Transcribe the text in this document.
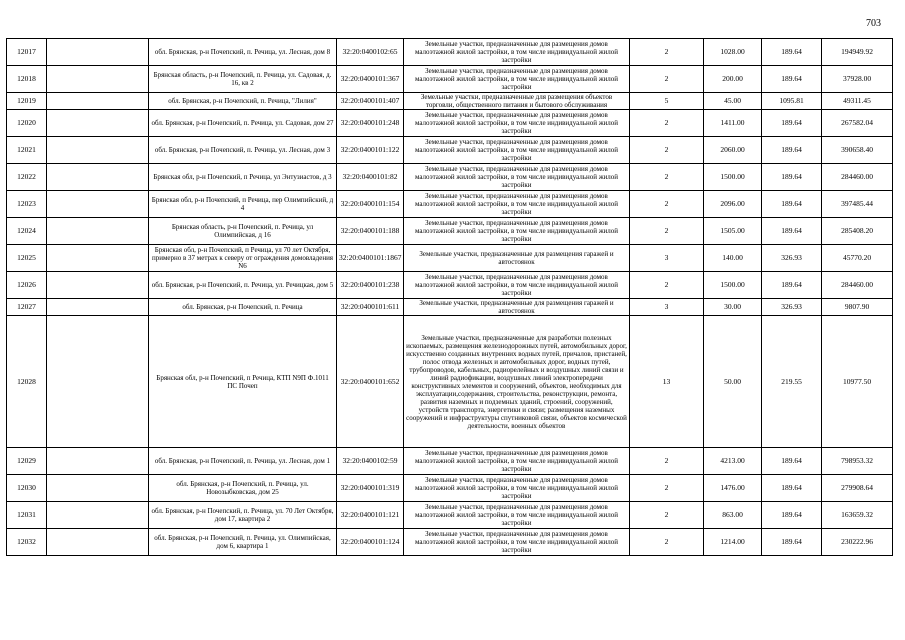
703
12017		обл. Брянская, р-н Почепский, п. Речица, ул. Лесная, дом 8	32:20:0400102:65	Земельные участки, предназначенные для размещения домов малоэтажной жилой застройки, в том числе индивидуальной жилой застройки	2	1028.00	189.64	194949.92
12018		Брянская область, р-н Почепский, п. Речица, ул. Садовая, д. 16, кв 2	32:20:0400101:367	Земельные участки, предназначенные для размещения домов малоэтажной жилой застройки, в том числе индивидуальной жилой застройки	2	200.00	189.64	37928.00
12019		обл. Брянская, р-н Почепский, п. Речица, "Лилия"	32:20:0400101:407	Земельные участки, предназначенные для размещения объектов торговли, общественного питания и бытового обслуживания	5	45.00	1095.81	49311.45
12020		обл. Брянская, р-н Почепский, п. Речица, ул. Садовая, дом 27	32:20:0400101:248	Земельные участки, предназначенные для размещения домов малоэтажной жилой застройки, в том числе индивидуальной жилой застройки	2	1411.00	189.64	267582.04
12021		обл. Брянская, р-н Почепский, п. Речица, ул. Лесная, дом 3	32:20:0400101:122	Земельные участки, предназначенные для размещения домов малоэтажной жилой застройки, в том числе индивидуальной жилой застройки	2	2060.00	189.64	390658.40
12022		Брянская обл, р-н Почепский, п Речица, ул Энтузиастов, д 3	32:20:0400101:82	Земельные участки, предназначенные для размещения домов малоэтажной жилой застройки, в том числе индивидуальной жилой застройки	2	1500.00	189.64	284460.00
12023		Брянская обл, р-н Почепский, п Речица, пер Олимпийский, д 4	32:20:0400101:154	Земельные участки, предназначенные для размещения домов малоэтажной жилой застройки, в том числе индивидуальной жилой застройки	2	2096.00	189.64	397485.44
12024		Брянская область, р-н Почепский, п. Речица, ул Олимпийская, д 16	32:20:0400101:188	Земельные участки, предназначенные для размещения домов малоэтажной жилой застройки, в том числе индивидуальной жилой застройки	2	1505.00	189.64	285408.20
12025		Брянская обл, р-н Почепский, п Речица, ул 70 лет Октября, примерно в 37 метрах к северу от ограждения домовладения N6	32:20:0400101:1867	Земельные участки, предназначенные для размещения гаражей и автостоянок	3	140.00	326.93	45770.20
12026		обл. Брянская, р-н Почепский, п. Речица, ул. Речицкая, дом 5	32:20:0400101:238	Земельные участки, предназначенные для размещения домов малоэтажной жилой застройки, в том числе индивидуальной жилой застройки	2	1500.00	189.64	284460.00
12027		обл. Брянская, р-н Почепский, п. Речица	32:20:0400101:611	Земельные участки, предназначенные для размещения гаражей и автостоянок	3	30.00	326.93	9807.90
12028		Брянская обл, р-н Почепский, п Речица, КТП N9П Ф.1011 ПС Почеп	32:20:0400101:652	Земельные участки, предназначенные для разработки полезных ископаемых, размещения железнодорожных путей, автомобильных дорог, искусственно созданных внутренних водных путей, причалов, пристаней, полос отвода железных и автомобильных дорог, водных путей, трубопроводов, кабельных, радиорелейных и воздушных линий связи и линий радиофикации, воздушных линий электропередачи конструктивных элементов и сооружений, объектов, необходимых для эксплуатации,содержания, строительства, реконструкции, ремонта, развития наземных и подземных зданий, строений, сооружений, устройств транспорта, энергетики и связи; размещения наземных сооружений и инфраструктуры спутниковой связи, объектов космической деятельности, военных объектов	13	50.00	219.55	10977.50
12029		обл. Брянская, р-н Почепский, п. Речица, ул. Лесная, дом 1	32:20:0400102:59	Земельные участки, предназначенные для размещения домов малоэтажной жилой застройки, в том числе индивидуальной жилой застройки	2	4213.00	189.64	798953.32
12030		обл. Брянская, р-н Почепский, п. Речица, ул. Новозыбковская, дом 25	32:20:0400101:319	Земельные участки, предназначенные для размещения домов малоэтажной жилой застройки, в том числе индивидуальной жилой застройки	2	1476.00	189.64	279908.64
12031		обл. Брянская, р-н Почепский, п. Речица, ул. 70 Лет Октября, дом 17, квартира 2	32:20:0400101:121	Земельные участки, предназначенные для размещения домов малоэтажной жилой застройки, в том числе индивидуальной жилой застройки	2	863.00	189.64	163659.32
12032		обл. Брянская, р-н Почепский, п. Речица, ул. Олимпийская, дом 6, квартира 1	32:20:0400101:124	Земельные участки, предназначенные для размещения домов малоэтажной жилой застройки, в том числе индивидуальной жилой застройки	2	1214.00	189.64	230222.96
